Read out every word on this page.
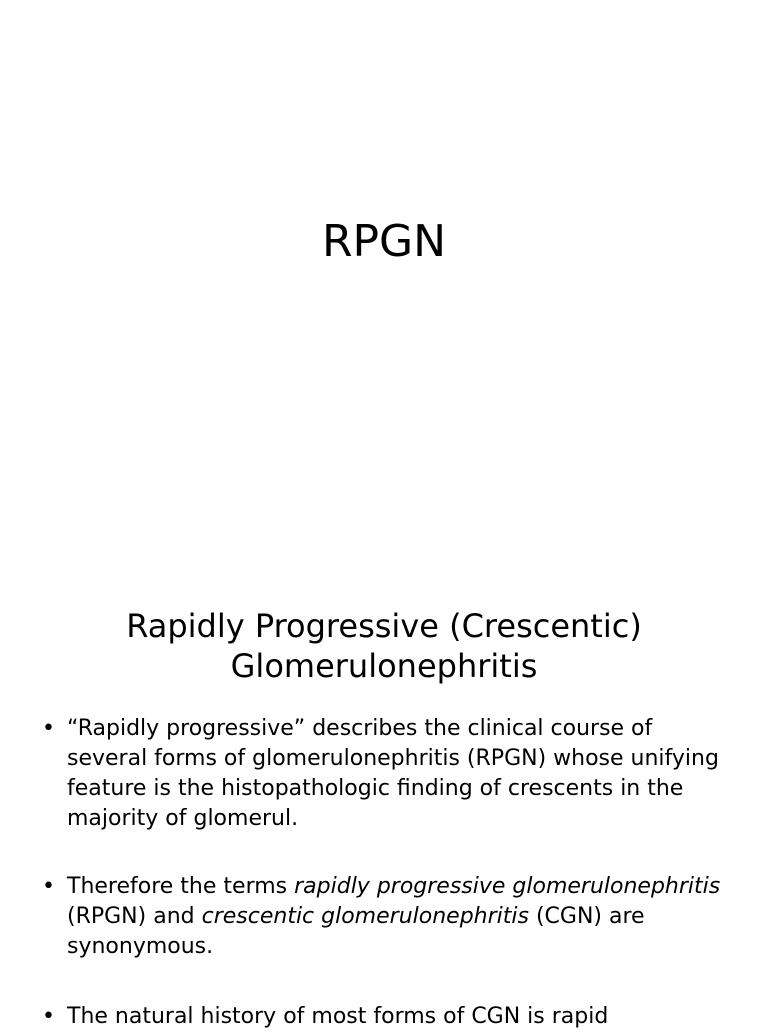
RPGN
Rapidly Progressive (Crescentic)
Glomerulonephritis
• “Rapidly progressive” describes the clinical course of several forms of glomerulonephritis (RPGN) whose unifying feature is the histopathologic finding of crescents in the majority of glomerul.
• Therefore the terms rapidly progressive glomerulonephritis (RPGN) and crescentic glomerulonephritis (CGN) are synonymous.
• The natural history of most forms of CGN is rapid
